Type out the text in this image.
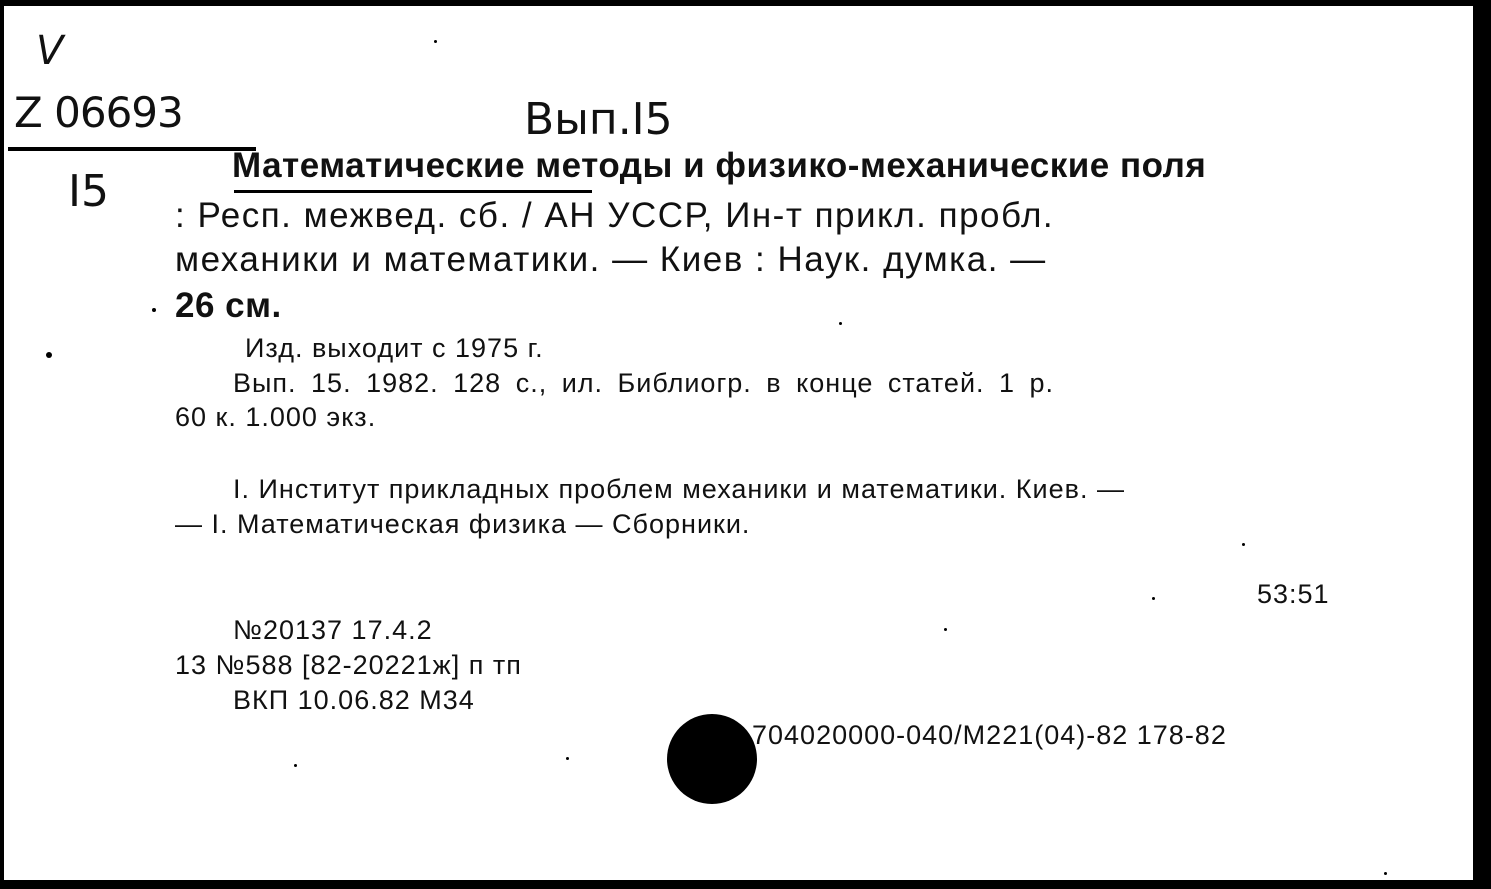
V
Z 06693	Вып.I5
I5
Математические методы и физико-механические поля
: Респ. межвед. сб. / АН УССР, Ин-т прикл. пробл.
механики и математики. — Киев : Наук. думка. —
26 см.
Изд. выходит с 1975 г.
Вып. 15. 1982. 128 с., ил. Библиогр. в конце статей. 1 р.
60 к. 1.000 экз.
I. Институт прикладных проблем механики и математики. Киев. —
— I. Математическая физика — Сборники.
53:51
№20137 17.4.2
13 №588 [82-20221ж] п тп
ВКП 10.06.82 М34
704020000-040/М221(04)-82 178-82
